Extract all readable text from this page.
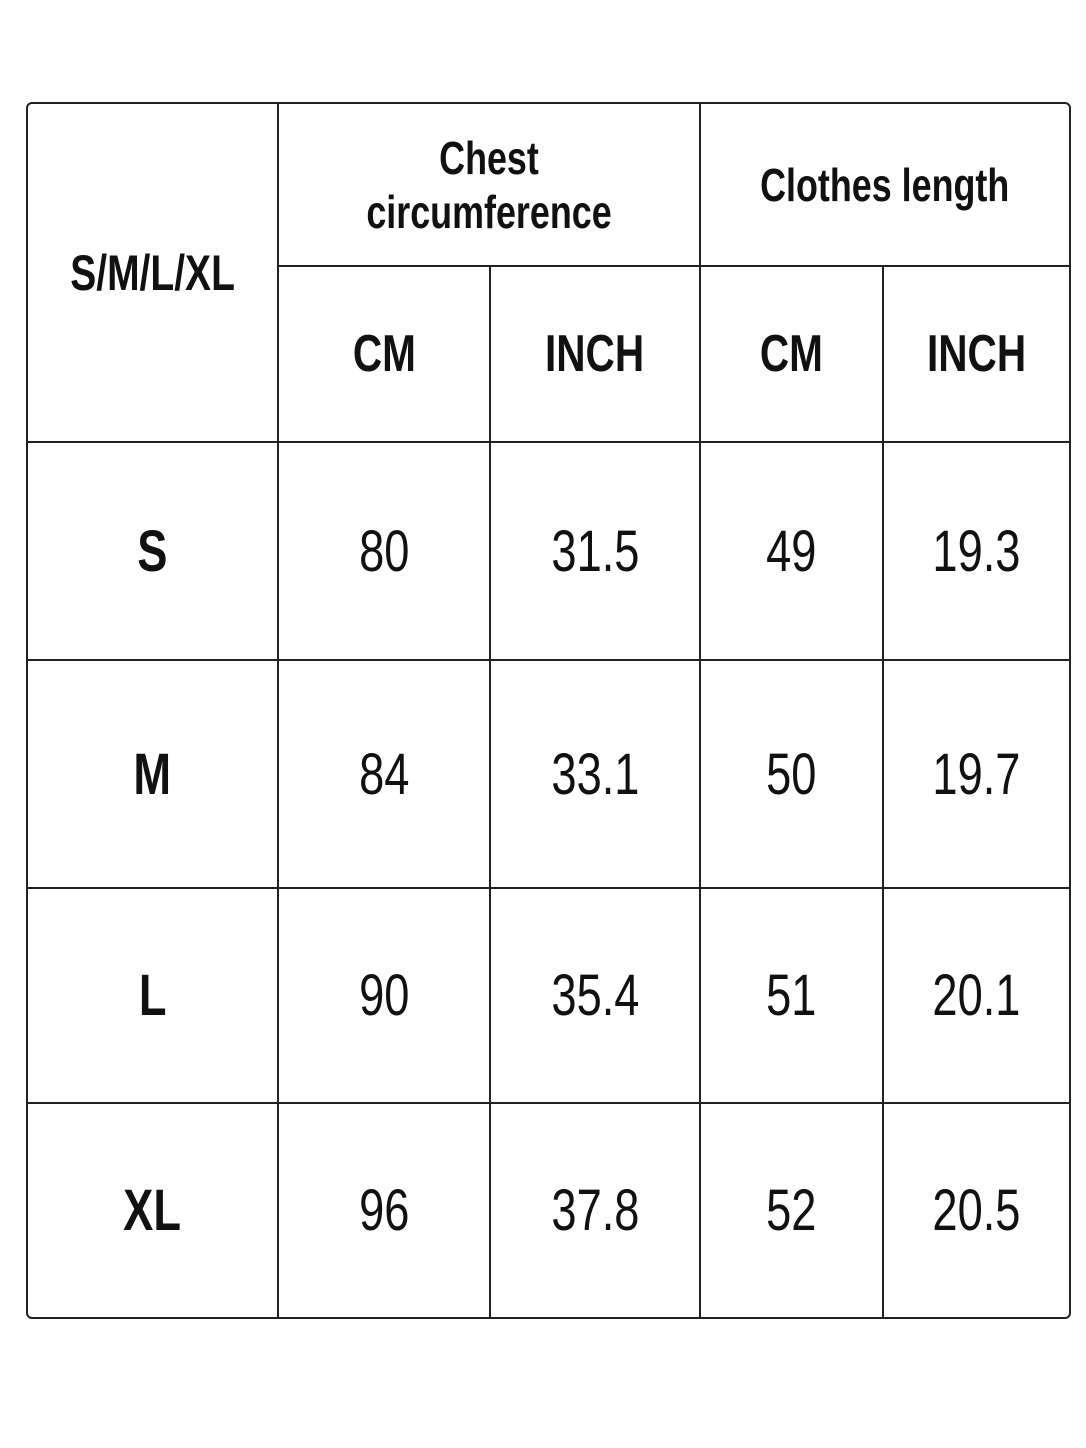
S/M/L/XL
Chest circumference
Clothes length
CM INCH CM INCH
S	80 31.5 49 19.3
M	84 33.1 50 19.7
L	90 35.4 51 20.1
XL	96 37.8 52 20.5
